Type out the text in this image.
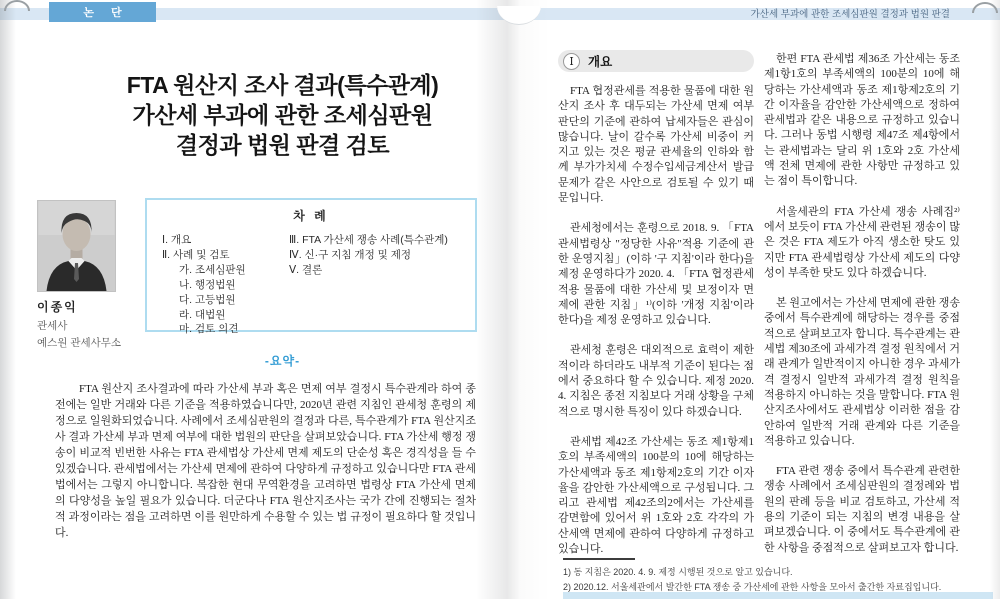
논 단	가산세 부과에 관한 조세심판원 결정과 법원 판결
FTA 원산지 조사 결과(특수관계)
가산세 부과에 관한 조세심판원
결정과 법원 판결 검토
이종익
관세사
예스원 관세사무소
차 례
Ⅰ. 개요
Ⅱ. 사례 및 검토
가. 조세심판원
나. 행정법원
다. 고등법원
라. 대법원
마. 검토 의견
Ⅲ. FTA 가산세 쟁송 사례(특수관계)
Ⅳ. 신·구 지침 개정 및 제정
Ⅴ. 결론
-요약-
FTA 원산지 조사결과에 따라 가산세 부과 혹은 면제 여부 결정시 특수관계라 하여 종전에는 일반 거래와 다른 기준을 적용하였습니다만, 2020년 관련 지침인 관세청 훈령의 제정으로 일원화되었습니다. 사례에서 조세심판원의 결정과 다른, 특수관계가 FTA 원산지조사 결과 가산세 부과 면제 여부에 대한 법원의 판단을 살펴보았습니다. FTA 가산세 행정 쟁송이 비교적 빈번한 사유는 FTA 관세법상 가산세 면제 제도의 단순성 혹은 경직성을 들 수 있겠습니다. 관세법에서는 가산세 면제에 관하여 다양하게 규정하고 있습니다만 FTA 관세법에서는 그렇지 아니합니다. 복잡한 현대 무역환경을 고려하면 법령상 FTA 가산세 면제의 다양성을 높일 필요가 있습니다. 더군다나 FTA 원산지조사는 국가 간에 진행되는 절차적 과정이라는 점을 고려하면 이를 원만하게 수용할 수 있는 법 규정이 필요하다 할 것입니다.
Ⅰ	개요

FTA 협정관세를 적용한 물품에 대한 원산지 조사 후 대두되는 가산세 면제 여부 판단의 기준에 관하여 납세자들은 관심이 많습니다. 날이 갈수록 가산세 비중이 커지고 있는 것은 평균 관세율의 인하와 함께 부가가치세 수정수입세금계산서 발급 문제가 같은 사안으로 검토될 수 있기 때문입니다.

관세청에서는 훈령으로 2018. 9. 「FTA 관세법령상 "정당한 사유"적용 기준에 관한 운영지침」(이하 '구 지침'이라 한다)을 제정 운영하다가 2020. 4. 「FTA 협정관세 적용 물품에 대한 가산세 및 보정이자 면제에 관한 지침」¹⁾(이하 '개정 지침'이라 한다)을 제정 운영하고 있습니다.

관세청 훈령은 대외적으로 효력이 제한적이라 하더라도 내부적 기준이 된다는 점에서 중요하다 할 수 있습니다. 제정 2020. 4. 지침은 종전 지침보다 거래 상황을 구체적으로 명시한 특징이 있다 하겠습니다.

관세법 제42조 가산세는 동조 제1항제1호의 부족세액의 100분의 10에 해당하는 가산세액과 동조 제1항제2호의 기간 이자율을 감안한 가산세액으로 구성됩니다. 그리고 관세법 제42조의2에서는 가산세를 감면함에 있어서 위 1호와 2호 각각의 가산세액 면제에 관하여 다양하게 규정하고 있습니다.

한편 FTA 관세법 제36조 가산세는 동조 제1항1호의 부족세액의 100분의 10에 해당하는 가산세액과 동조 제1항제2호의 기간 이자율을 감안한 가산세액으로 정하여 관세법과 같은 내용으로 규정하고 있습니다. 그러나 동법 시행령 제47조 제4항에서는 관세법과는 달리 위 1호와 2호 가산세액 전체 면제에 관한 사항만 규정하고 있는 점이 특이합니다.

서울세관의 FTA 가산세 쟁송 사례집²⁾에서 보듯이 FTA 가산세 관련된 쟁송이 많은 것은 FTA 제도가 아직 생소한 탓도 있지만 FTA 관세법령상 가산세 제도의 다양성이 부족한 탓도 있다 하겠습니다.

본 원고에서는 가산세 면제에 관한 쟁송 중에서 특수관계에 해당하는 경우를 중점적으로 살펴보고자 합니다. 특수관계는 관세법 제30조에 과세가격 결정 원칙에서 거래 관계가 일반적이지 아니한 경우 과세가격 결정시 일반적 과세가격 결정 원칙을 적용하지 아니하는 것을 말합니다. FTA 원산지조사에서도 관세법상 이러한 점을 감안하여 일반적 거래 관계와 다른 기준을 적용하고 있습니다.

FTA 관련 쟁송 중에서 특수관계 관련한 쟁송 사례에서 조세심판원의 결정례와 법원의 판례 등을 비교 검토하고, 가산세 적용의 기준이 되는 지침의 변경 내용을 살펴보겠습니다. 이 중에서도 특수관계에 관한 사항을 중점적으로 살펴보고자 합니다.

1) 동 지침은 2020. 4. 9. 제정 시행된 것으로 알고 있습니다.

2) 2020.12. 서울세관에서 발간한 FTA 쟁송 중 가산세에 관한 사항을 모아서 출간한 자료집입니다.
